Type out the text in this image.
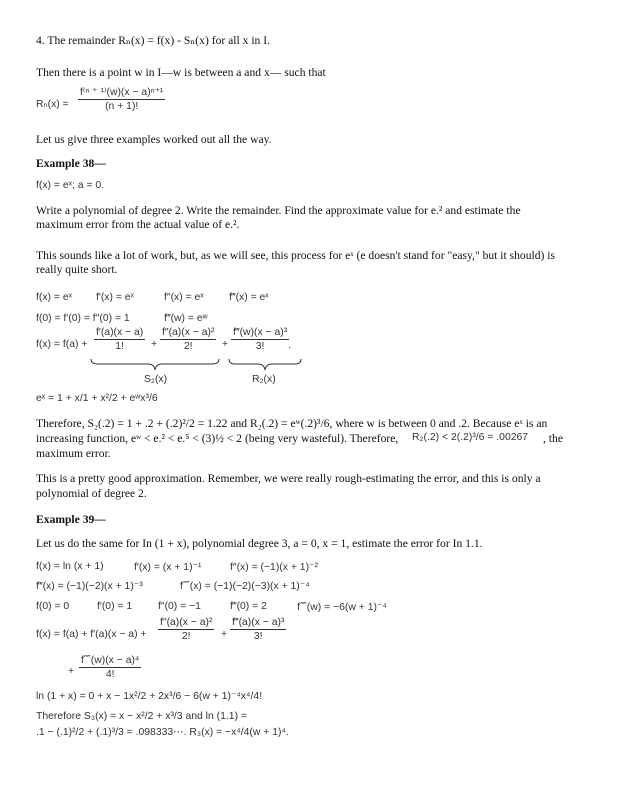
4. The remainder Rₙ(x) = f(x) - Sₙ(x) for all x in I.
Then there is a point w in I—w is between a and x— such that
$R_n(x) = \frac{\text{f⁽ⁿ ⁺ ¹⁾(w)(x − a)ⁿ⁺¹}}{(n + 1)!}$
Let us give three examples worked out all the way.
Example 38—
f(x) = eˣ; a = 0.
Write a polynomial of degree 2. Write the remainder. Find the approximate value for e.² and estimate the
maximum error from the actual value of e.².
This sounds like a lot of work, but, as we will see, this process for eˣ (e doesn't stand for "easy," but it should) is
really quite short.
f(x) = eˣ f′(x) = eˣ	f″(x) = eˣ f‴(x) = eˣ
f(0) = f′(0) = f″(0) = 1	f‴(w) = eʷ
$f(x) = f(a) + \frac{f'(a)(x - a)}{1!} + \frac{\text{f″(a)(x − a)²}}{2!} + \frac{\text{f‴(w)(x − a)³}}{3!}$
·
S₂(x)	R₂(x)
eˣ = 1 + x/1 + x²/2 + eʷx³/6
Therefore, S₂(.2) = 1 + .2 + (.2)²/2 = 1.22 and R₂(.2) = eʷ(.2)³/6, where w is between 0 and .2. Because eˣ is an
increasing function, eʷ < e.² < e.⁵ < (3)½ < 2 (being very wasteful). Therefore, R₂(.2) < 2(.2)³/6 = .00267 , the
maximum error.
This is a pretty good approximation. Remember, we were really rough-estimating the error, and this is only a
polynomial of degree 2.
Example 39—
Let us do the same for In (1 + x), polynomial degree 3, a = 0, x = 1, estimate the error for In 1.1.
f(x) = ln (x + 1)	f′(x) = (x + 1)⁻¹	f″(x) = (−1)(x + 1)⁻²
f‴(x) = (−1)(−2)(x + 1)⁻³	f⁗(x) = (−1)(−2)(−3)(x + 1)⁻⁴
f(0) = 0	f′(0) = 1 f″(0) = −1	f‴(0) = 2	f⁗(w) = −6(w + 1)⁻⁴
$f(x) = f(a) + f'(a)(x - a) + \frac{\text{f″(a)(x − a)²}}{2!} + \frac{\text{f‴(a)(x − a)³}}{3!}$
+ $\frac{\text{f⁗(w)(x − a)⁴}}{4!}$
ln (1 + x) = 0 + x − 1x²/2 + 2x³/6 − 6(w + 1)⁻⁴x⁴/4!
Therefore S₃(x) = x − x²/2 + x³/3 and ln (1.1) =
.1 − (.1)²/2 + (.1)³/3 = .098333⋯. R₃(x) = −x⁴/4(w + 1)⁴.
